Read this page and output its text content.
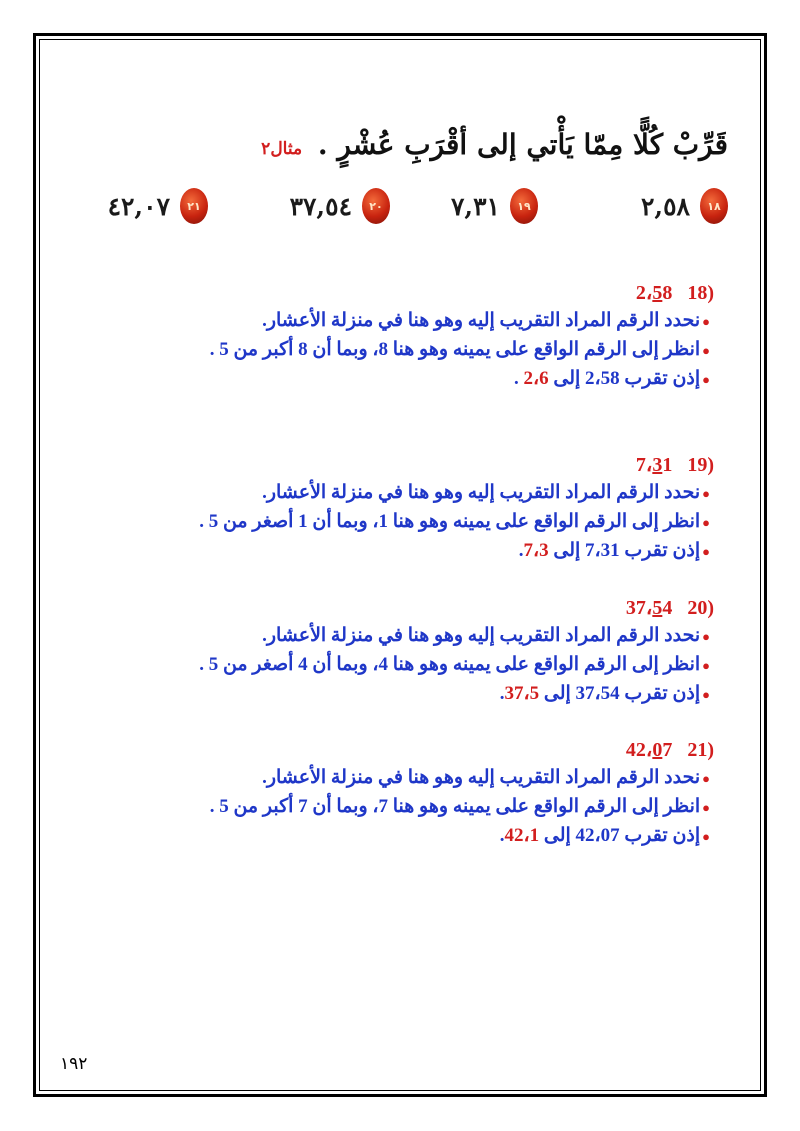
قَرِّبْ كُلًّا مِمّا يَأْتي إلى أقْرَبِ عُشْرٍ . مثال٢
١٨
٢,٥٨
١٩
٧,٣١
٢٠
٣٧,٥٤
٢١
٤٢,٠٧
(18   2،58
●نحدد الرقم المراد التقريب إليه وهو هنا في منزلة الأعشار.
●انظر إلى الرقم الواقع على يمينه وهو هنا 8، وبما أن 8 أكبر من 5 .
●إذن تقرب 2،58 إلى 2،6 .
(19   7،31
●نحدد الرقم المراد التقريب إليه وهو هنا في منزلة الأعشار.
●انظر إلى الرقم الواقع على يمينه وهو هنا 1، وبما أن 1 أصغر من 5 .
●إذن تقرب 7،31 إلى 7،3.
(20   37،54
●نحدد الرقم المراد التقريب إليه وهو هنا في منزلة الأعشار.
●انظر إلى الرقم الواقع على يمينه وهو هنا 4، وبما أن 4 أصغر من 5 .
●إذن تقرب 37،54 إلى 37،5.
(21   42،07
●نحدد الرقم المراد التقريب إليه وهو هنا في منزلة الأعشار.
●انظر إلى الرقم الواقع على يمينه وهو هنا 7، وبما أن 7 أكبر من 5 .
●إذن تقرب 42،07 إلى 42،1.
١٩٢
